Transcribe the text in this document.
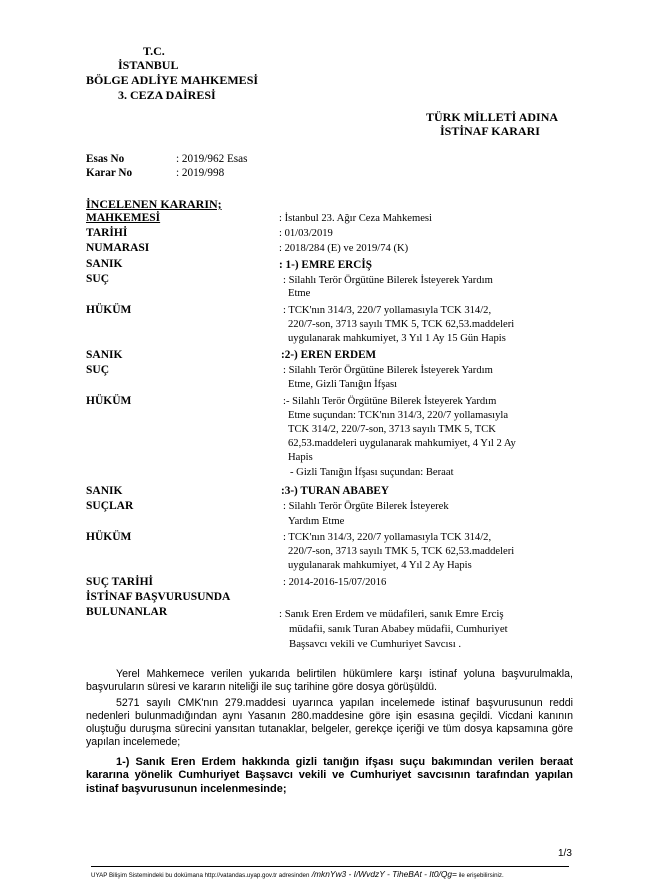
T.C.
İSTANBUL
BÖLGE ADLİYE MAHKEMESİ
3. CEZA DAİRESİ
TÜRK MİLLETİ ADINA
İSTİNAF KARARI
Esas No	: 2019/962 Esas
Karar No	: 2019/998
İNCELENEN KARARIN;
MAHKEMESİ	: İstanbul 23. Ağır Ceza Mahkemesi
TARİHİ	: 01/03/2019
NUMARASI	: 2018/284 (E) ve 2019/74 (K)
SANIK	: 1-) EMRE ERCİŞ
SUÇ	: Silahlı Terör Örgütüne Bilerek İsteyerek Yardım
Etme
HÜKÜM	: TCK'nın 314/3, 220/7 yollamasıyla TCK 314/2,
220/7-son, 3713 sayılı TMK 5, TCK 62,53.maddeleri
uygulanarak mahkumiyet, 3 Yıl 1 Ay 15 Gün Hapis
SANIK	:2-) EREN ERDEM
SUÇ	: Silahlı Terör Örgütüne Bilerek İsteyerek Yardım
Etme, Gizli Tanığın İfşası
HÜKÜM	:- Silahlı Terör Örgütüne Bilerek İsteyerek Yardım
Etme suçundan: TCK'nın 314/3, 220/7 yollamasıyla
TCK 314/2, 220/7-son, 3713 sayılı TMK 5, TCK
62,53.maddeleri uygulanarak mahkumiyet, 4 Yıl 2 Ay
Hapis
- Gizli Tanığın İfşası suçundan: Beraat
SANIK	:3-) TURAN ABABEY
SUÇLAR	: Silahlı Terör Örgüte Bilerek İsteyerek
Yardım Etme
HÜKÜM	: TCK'nın 314/3, 220/7 yollamasıyla TCK 314/2,
220/7-son, 3713 sayılı TMK 5, TCK 62,53.maddeleri
uygulanarak mahkumiyet, 4 Yıl 2 Ay Hapis
SUÇ TARİHİ	: 2014-2016-15/07/2016
İSTİNAF BAŞVURUSUNDA
BULUNANLAR	: Sanık Eren Erdem ve müdafileri, sanık Emre Erciş
müdafii, sanık Turan Ababey müdafii, Cumhuriyet
Başsavcı vekili ve Cumhuriyet Savcısı .
Yerel Mahkemece verilen yukarıda belirtilen hükümlere karşı istinaf yoluna başvurulmakla, başvuruların süresi ve kararın niteliği ile suç tarihine göre dosya görüşüldü.
5271 sayılı CMK'nın 279.maddesi uyarınca yapılan incelemede istinaf başvurusunun reddi nedenleri bulunmadığından aynı Yasanın 280.maddesine göre işin esasına geçildi. Vicdani kanının oluştuğu duruşma sürecini yansıtan tutanaklar, belgeler, gerekçe içeriği ve tüm dosya kapsamına göre yapılan incelemede;
1-) Sanık Eren Erdem hakkında gizli tanığın ifşası suçu bakımından verilen beraat kararına yönelik Cumhuriyet Başsavcı vekili ve Cumhuriyet savcısının tarafından yapılan istinaf başvurusunun incelenmesinde;
1/3
UYAP Bilişim Sistemindeki bu dokümana http://vatandas.uyap.gov.tr adresinden /mknYw3 - I/WvdzY - TiheBAt - It0/Qg= ile erişebilirsiniz.
